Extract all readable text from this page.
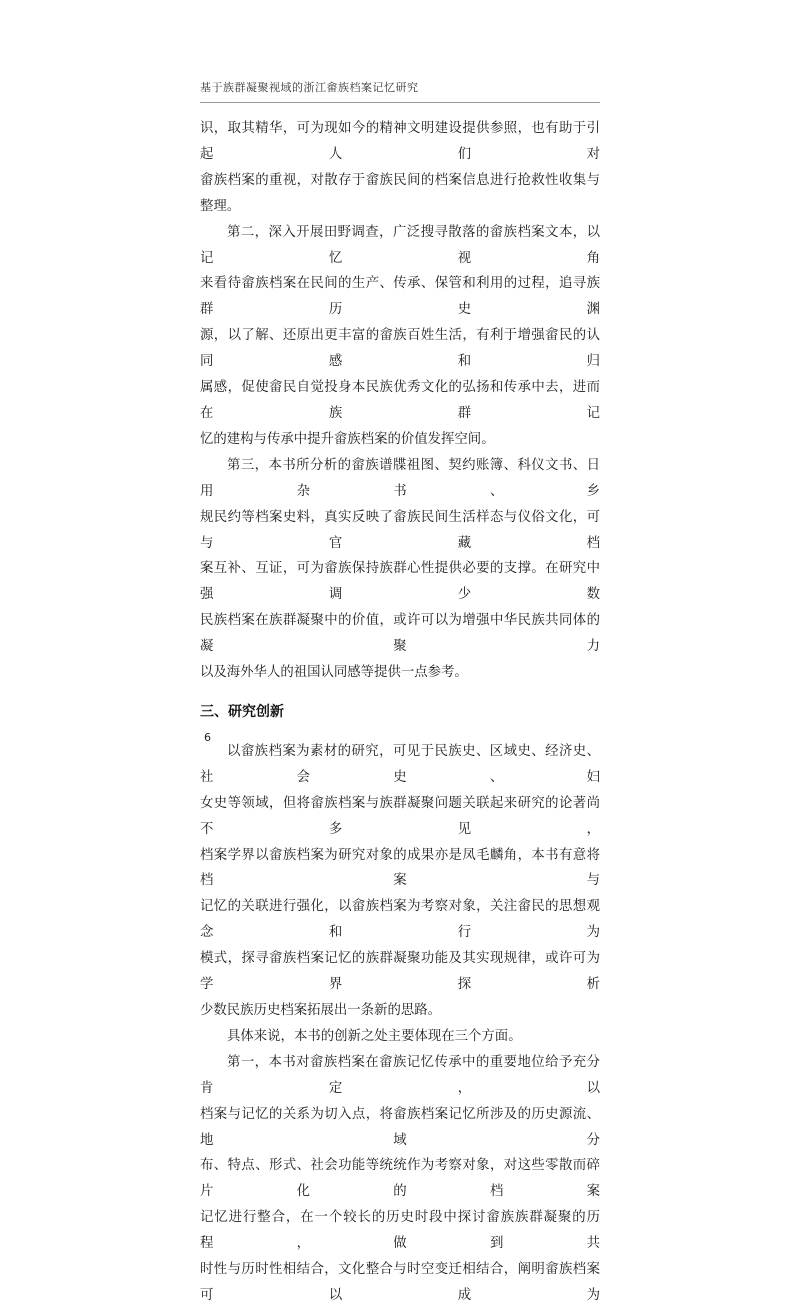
基于族群凝聚视域的浙江畲族档案记忆研究
识，取其精华，可为现如今的精神文明建设提供参照，也有助于引起人们对
畲族档案的重视，对散存于畲族民间的档案信息进行抢救性收集与整理。
第二，深入开展田野调查，广泛搜寻散落的畲族档案文本，以记忆视角
来看待畲族档案在民间的生产、传承、保管和利用的过程，追寻族群历史渊
源，以了解、还原出更丰富的畲族百姓生活，有利于增强畲民的认同感和归
属感，促使畲民自觉投身本民族优秀文化的弘扬和传承中去，进而在族群记
忆的建构与传承中提升畲族档案的价值发挥空间。
第三，本书所分析的畲族谱牒祖图、契约账簿、科仪文书、日用杂书、乡
规民约等档案史料，真实反映了畲族民间生活样态与仪俗文化，可与官藏档
案互补、互证，可为畲族保持族群心性提供必要的支撑。在研究中强调少数
民族档案在族群凝聚中的价值，或许可以为增强中华民族共同体的凝聚力
以及海外华人的祖国认同感等提供一点参考。
三、研究创新
以畲族档案为素材的研究，可见于民族史、区域史、经济史、社会史、妇
女史等领域，但将畲族档案与族群凝聚问题关联起来研究的论著尚不多见，
档案学界以畲族档案为研究对象的成果亦是凤毛麟角，本书有意将档案与
记忆的关联进行强化，以畲族档案为考察对象，关注畲民的思想观念和行为
模式，探寻畲族档案记忆的族群凝聚功能及其实现规律，或许可为学界探析
少数民族历史档案拓展出一条新的思路。
具体来说，本书的创新之处主要体现在三个方面。
第一，本书对畲族档案在畲族记忆传承中的重要地位给予充分肯定，以
档案与记忆的关系为切入点，将畲族档案记忆所涉及的历史源流、地域分
布、特点、形式、社会功能等统统作为考察对象，对这些零散而碎片化的档案
记忆进行整合，在一个较长的历史时段中探讨畲族族群凝聚的历程，做到共
时性与历时性相结合，文化整合与时空变迁相结合，阐明畲族档案可以成为
6
